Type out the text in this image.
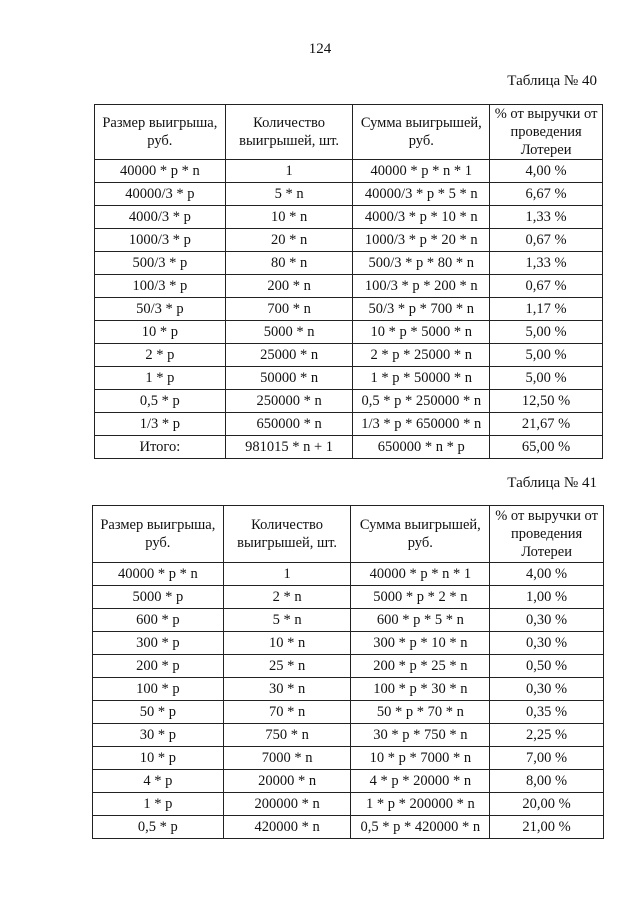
124
Таблица № 40
Размер выигрыша, руб.	Количество выигрышей, шт.	Сумма выигрышей, руб.	% от выручки от проведения Лотереи
40000 * p * n	1	40000 * p * n * 1	4,00 %
40000/3 * p	5 * n	40000/3 * p * 5 * n	6,67 %
4000/3 * p	10 * n	4000/3 * p * 10 * n	1,33 %
1000/3 * p	20 * n	1000/3 * p * 20 * n	0,67 %
500/3 * p	80 * n	500/3 * p * 80 * n	1,33 %
100/3 * p	200 * n	100/3 * p * 200 * n	0,67 %
50/3 * p	700 * n	50/3 * p * 700 * n	1,17 %
10 * p	5000 * n	10 * p * 5000 * n	5,00 %
2 * p	25000 * n	2 * p * 25000 * n	5,00 %
1 * p	50000 * n	1 * p * 50000 * n	5,00 %
0,5 * p	250000 * n	0,5 * p * 250000 * n	12,50 %
1/3 * p	650000 * n	1/3 * p * 650000 * n	21,67 %
Итого:	981015 * n + 1	650000 * n * p	65,00 %
Таблица № 41
Размер выигрыша, руб.	Количество выигрышей, шт.	Сумма выигрышей, руб.	% от выручки от проведения Лотереи
40000 * p * n	1	40000 * p * n * 1	4,00 %
5000 * p	2 * n	5000 * p * 2 * n	1,00 %
600 * p	5 * n	600 * p * 5 * n	0,30 %
300 * p	10 * n	300 * p * 10 * n	0,30 %
200 * p	25 * n	200 * p * 25 * n	0,50 %
100 * p	30 * n	100 * p * 30 * n	0,30 %
50 * p	70 * n	50 * p * 70 * n	0,35 %
30 * p	750 * n	30 * p * 750 * n	2,25 %
10 * p	7000 * n	10 * p * 7000 * n	7,00 %
4 * p	20000 * n	4 * p * 20000 * n	8,00 %
1 * p	200000 * n	1 * p * 200000 * n	20,00 %
0,5 * p	420000 * n	0,5 * p * 420000 * n	21,00 %
